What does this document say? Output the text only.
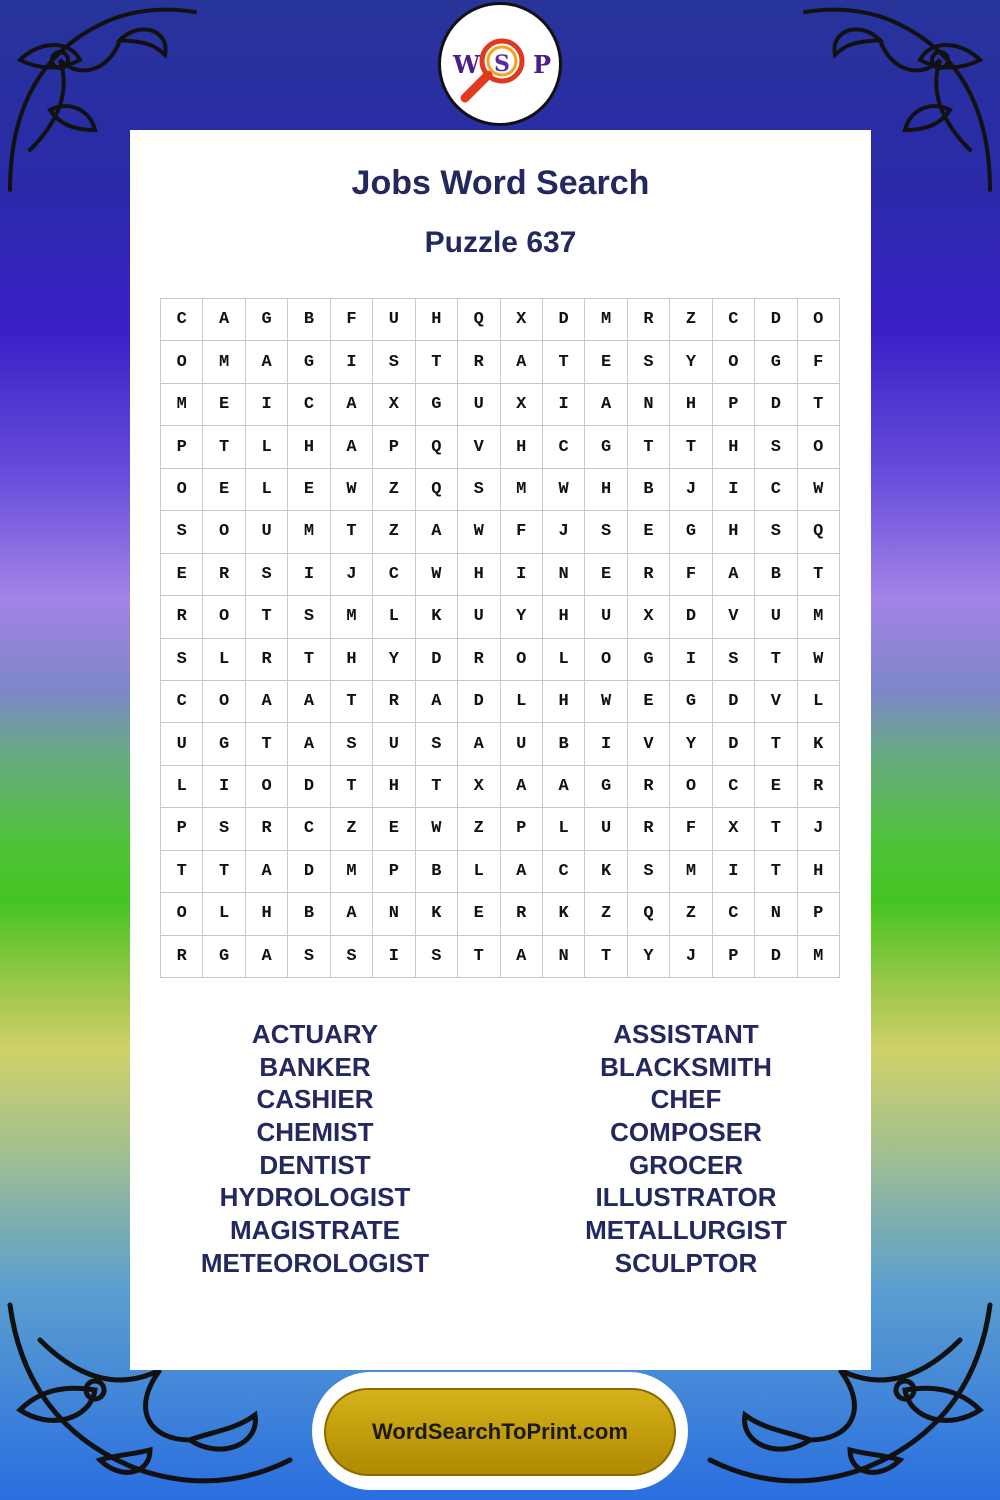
W S P
Jobs Word Search
Puzzle 637
C	A	G	B	F	U	H	Q	X	D	M	R	Z	C	D	O
O	M	A	G	I	S	T	R	A	T	E	S	Y	O	G	F
M	E	I	C	A	X	G	U	X	I	A	N	H	P	D	T
P	T	L	H	A	P	Q	V	H	C	G	T	T	H	S	O
O	E	L	E	W	Z	Q	S	M	W	H	B	J	I	C	W
S	O	U	M	T	Z	A	W	F	J	S	E	G	H	S	Q
E	R	S	I	J	C	W	H	I	N	E	R	F	A	B	T
R	O	T	S	M	L	K	U	Y	H	U	X	D	V	U	M
S	L	R	T	H	Y	D	R	O	L	O	G	I	S	T	W
C	O	A	A	T	R	A	D	L	H	W	E	G	D	V	L
U	G	T	A	S	U	S	A	U	B	I	V	Y	D	T	K
L	I	O	D	T	H	T	X	A	A	G	R	O	C	E	R
P	S	R	C	Z	E	W	Z	P	L	U	R	F	X	T	J
T	T	A	D	M	P	B	L	A	C	K	S	M	I	T	H
O	L	H	B	A	N	K	E	R	K	Z	Q	Z	C	N	P
R	G	A	S	S	I	S	T	A	N	T	Y	J	P	D	M
ACTUARY
BANKER
CASHIER
CHEMIST
DENTIST
HYDROLOGIST
MAGISTRATE
METEOROLOGIST
ASSISTANT
BLACKSMITH
CHEF
COMPOSER
GROCER
ILLUSTRATOR
METALLURGIST
SCULPTOR
WordSearchToPrint.com
